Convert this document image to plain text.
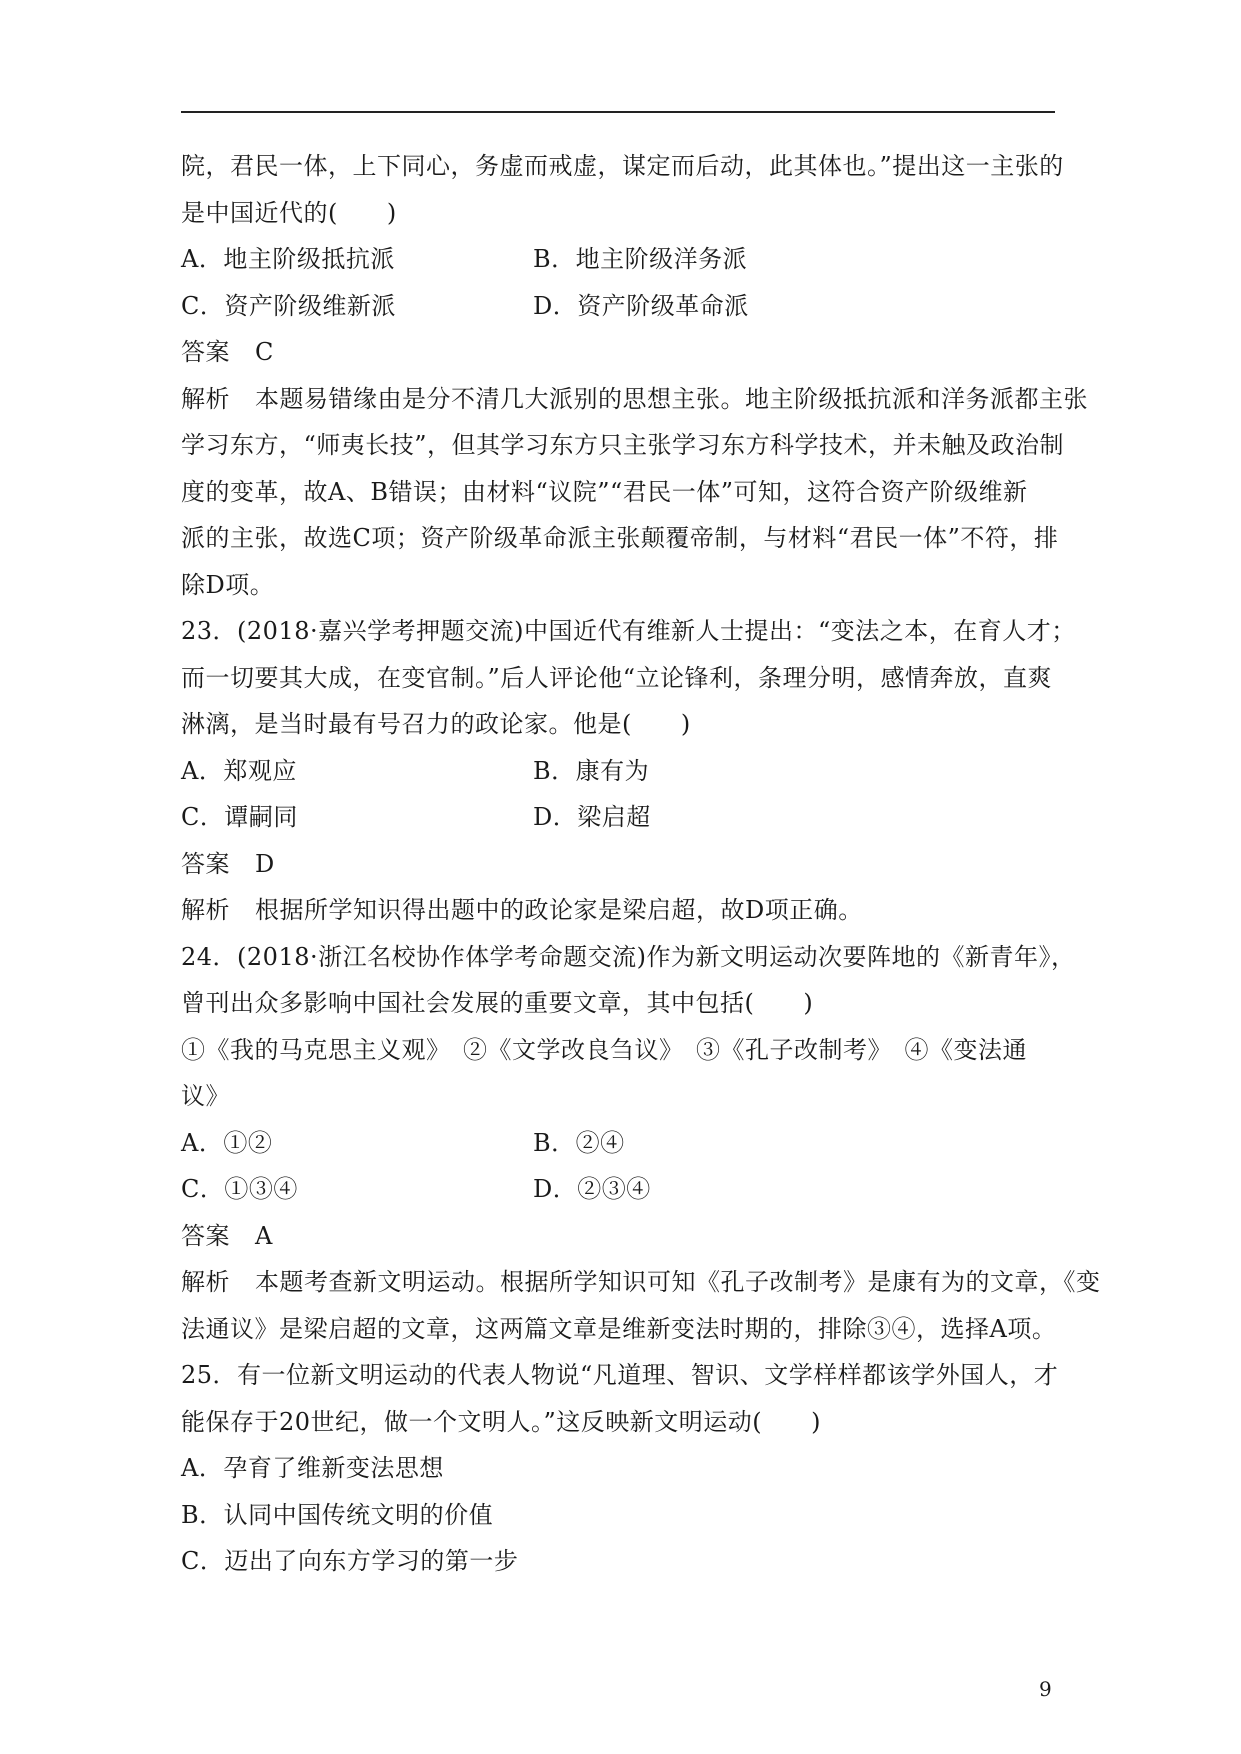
院，君民一体，上下同心，务虚而戒虚，谋定而后动，此其体也。”提出这一主张的
是中国近代的(　　)
A．地主阶级抵抗派	B．地主阶级洋务派
C．资产阶级维新派	D．资产阶级革命派
答案 C
解析 本题易错缘由是分不清几大派别的思想主张。地主阶级抵抗派和洋务派都主张
学习东方，“师夷长技”，但其学习东方只主张学习东方科学技术，并未触及政治制
度的变革，故A、B错误；由材料“议院”“君民一体”可知，这符合资产阶级维新
派的主张，故选C项；资产阶级革命派主张颠覆帝制，与材料“君民一体”不符，排
除D项。
23．(2018·嘉兴学考押题交流)中国近代有维新人士提出：“变法之本，在育人才；
而一切要其大成，在变官制。”后人评论他“立论锋利，条理分明，感情奔放，直爽
淋漓，是当时最有号召力的政论家。他是(　　)
A．郑观应	B．康有为
C．谭嗣同	D．梁启超
答案 D
解析 根据所学知识得出题中的政论家是梁启超，故D项正确。
24．(2018·浙江名校协作体学考命题交流)作为新文明运动次要阵地的《新青年》，
曾刊出众多影响中国社会发展的重要文章，其中包括(　　)
①《我的马克思主义观》　②《文学改良刍议》　③《孔子改制考》　④《变法通
议》
A．①②	B．②④
C．①③④	D．②③④
答案 A
解析 本题考查新文明运动。根据所学知识可知《孔子改制考》是康有为的文章，《变
法通议》是梁启超的文章，这两篇文章是维新变法时期的，排除③④，选择A项。
25．有一位新文明运动的代表人物说“凡道理、智识、文学样样都该学外国人，才
能保存于20世纪，做一个文明人。”这反映新文明运动(　　)
A．孕育了维新变法思想
B．认同中国传统文明的价值
C．迈出了向东方学习的第一步
9
